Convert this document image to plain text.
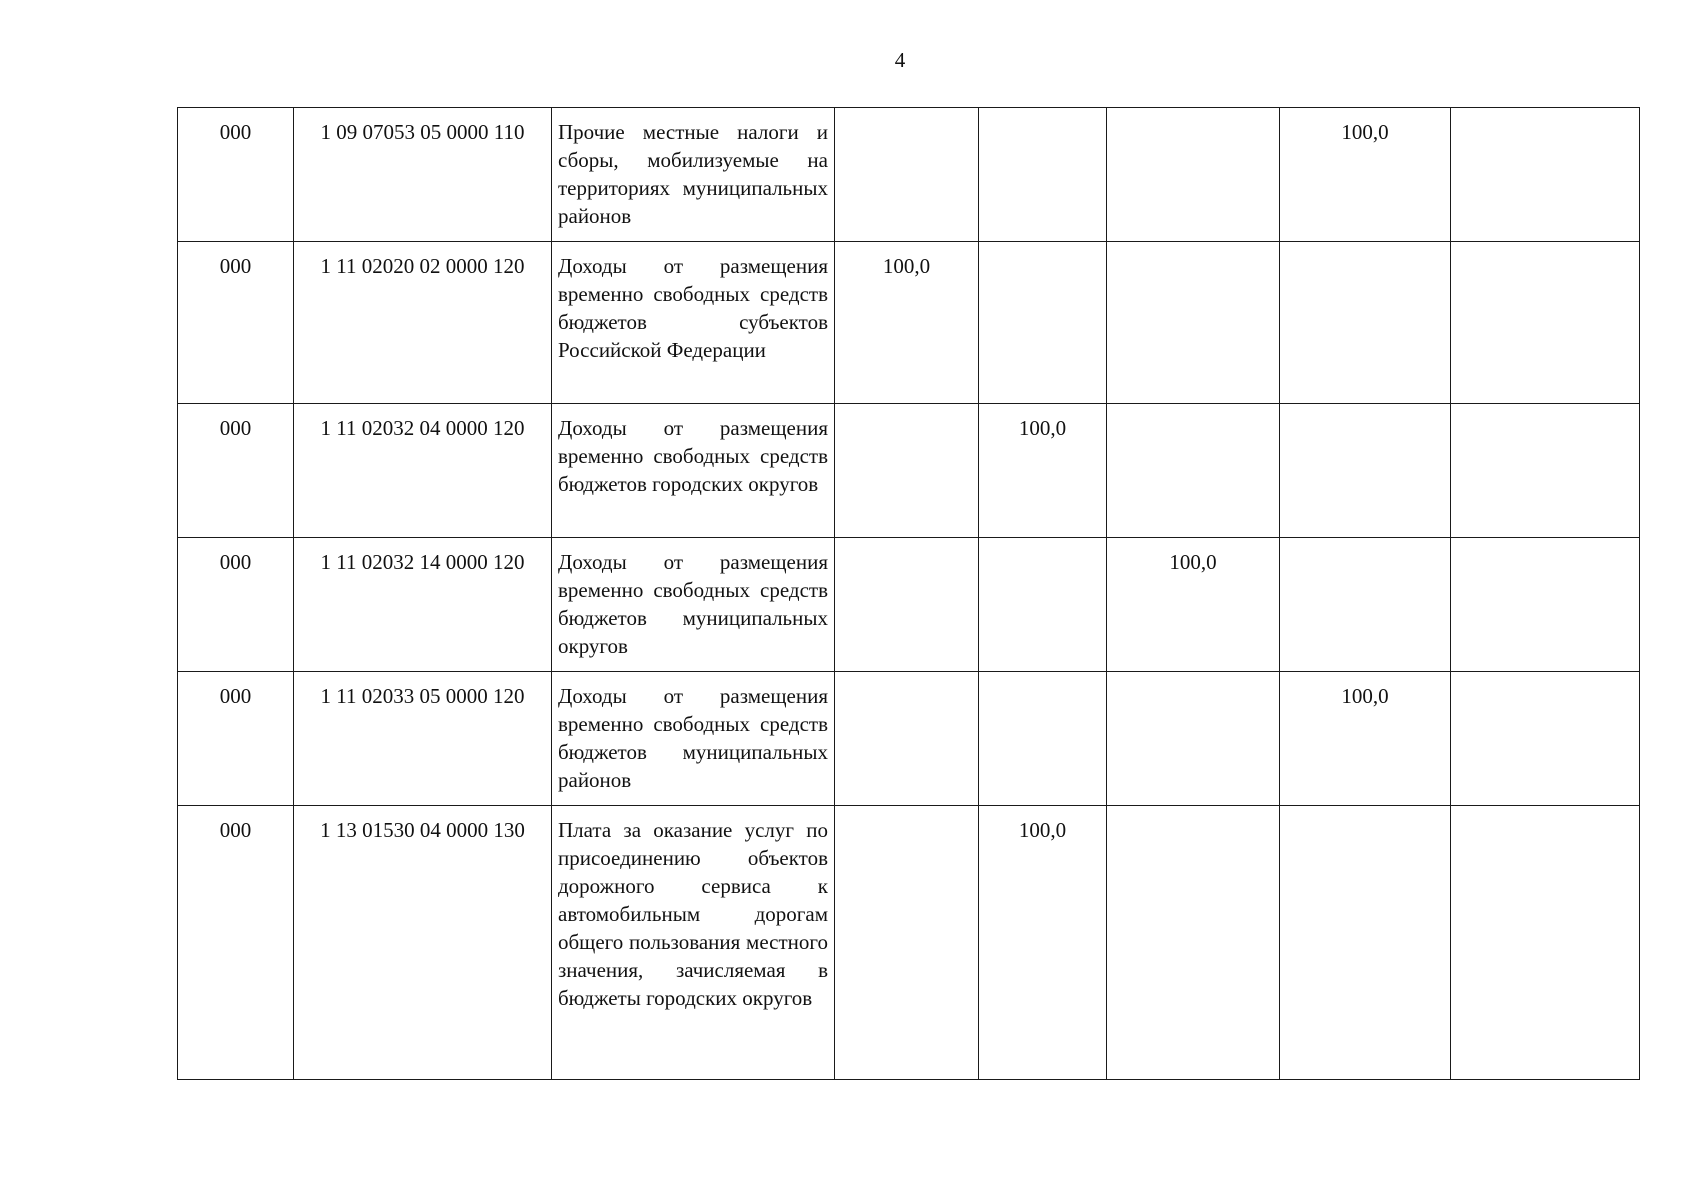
4
000	1 09 07053 05 0000 110	Прочие местные налоги и сборы, мобилизуемые на территориях муниципальных районов				100,0	
000	1 11 02020 02 0000 120	Доходы от размещения временно свободных средств бюджетов субъектов Российской Федерации	100,0				
000	1 11 02032 04 0000 120	Доходы от размещения временно свободных средств бюджетов городских округов		100,0			
000	1 11 02032 14 0000 120	Доходы от размещения временно свободных средств бюджетов муниципальных округов			100,0		
000	1 11 02033 05 0000 120	Доходы от размещения временно свободных средств бюджетов муниципальных районов				100,0	
000	1 13 01530 04 0000 130	Плата за оказание услуг по присоединению объектов дорожного сервиса к автомобильным дорогам общего пользования местного значения, зачисляемая в бюджеты городских округов		100,0			
